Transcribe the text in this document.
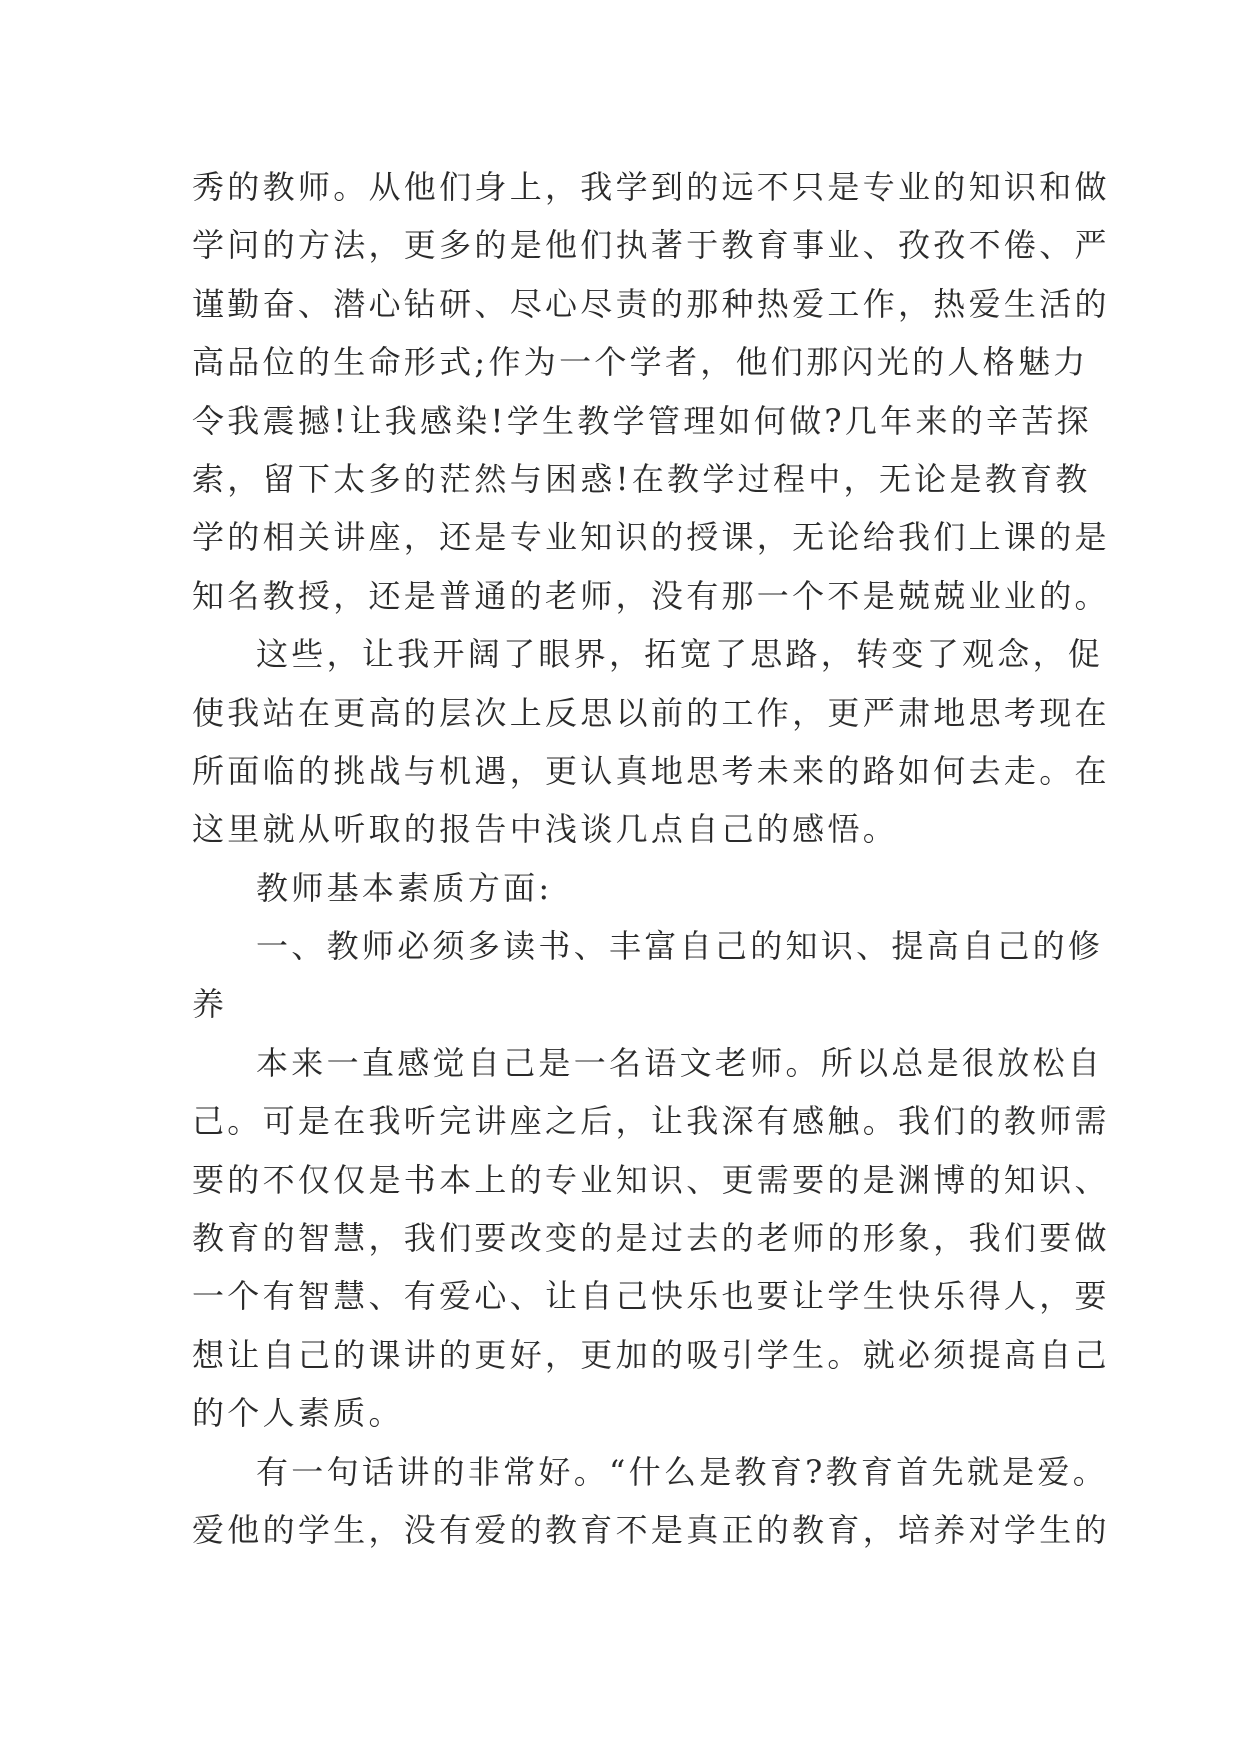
秀的教师。从他们身上，我学到的远不只是专业的知识和做
学问的方法，更多的是他们执著于教育事业、孜孜不倦、严
谨勤奋、潜心钻研、尽心尽责的那种热爱工作，热爱生活的
高品位的生命形式;作为一个学者，他们那闪光的人格魅力
令我震撼!让我感染!学生教学管理如何做?几年来的辛苦探
索，留下太多的茫然与困惑!在教学过程中，无论是教育教
学的相关讲座，还是专业知识的授课，无论给我们上课的是
知名教授，还是普通的老师，没有那一个不是兢兢业业的。
这些，让我开阔了眼界，拓宽了思路，转变了观念，促
使我站在更高的层次上反思以前的工作，更严肃地思考现在
所面临的挑战与机遇，更认真地思考未来的路如何去走。在
这里就从听取的报告中浅谈几点自己的感悟。
教师基本素质方面:
一、教师必须多读书、丰富自己的知识、提高自己的修
养
本来一直感觉自己是一名语文老师。所以总是很放松自
己。可是在我听完讲座之后，让我深有感触。我们的教师需
要的不仅仅是书本上的专业知识、更需要的是渊博的知识、
教育的智慧，我们要改变的是过去的老师的形象，我们要做
一个有智慧、有爱心、让自己快乐也要让学生快乐得人，要
想让自己的课讲的更好，更加的吸引学生。就必须提高自己
的个人素质。
有一句话讲的非常好。“什么是教育?教育首先就是爱。
爱他的学生，没有爱的教育不是真正的教育，培养对学生的
